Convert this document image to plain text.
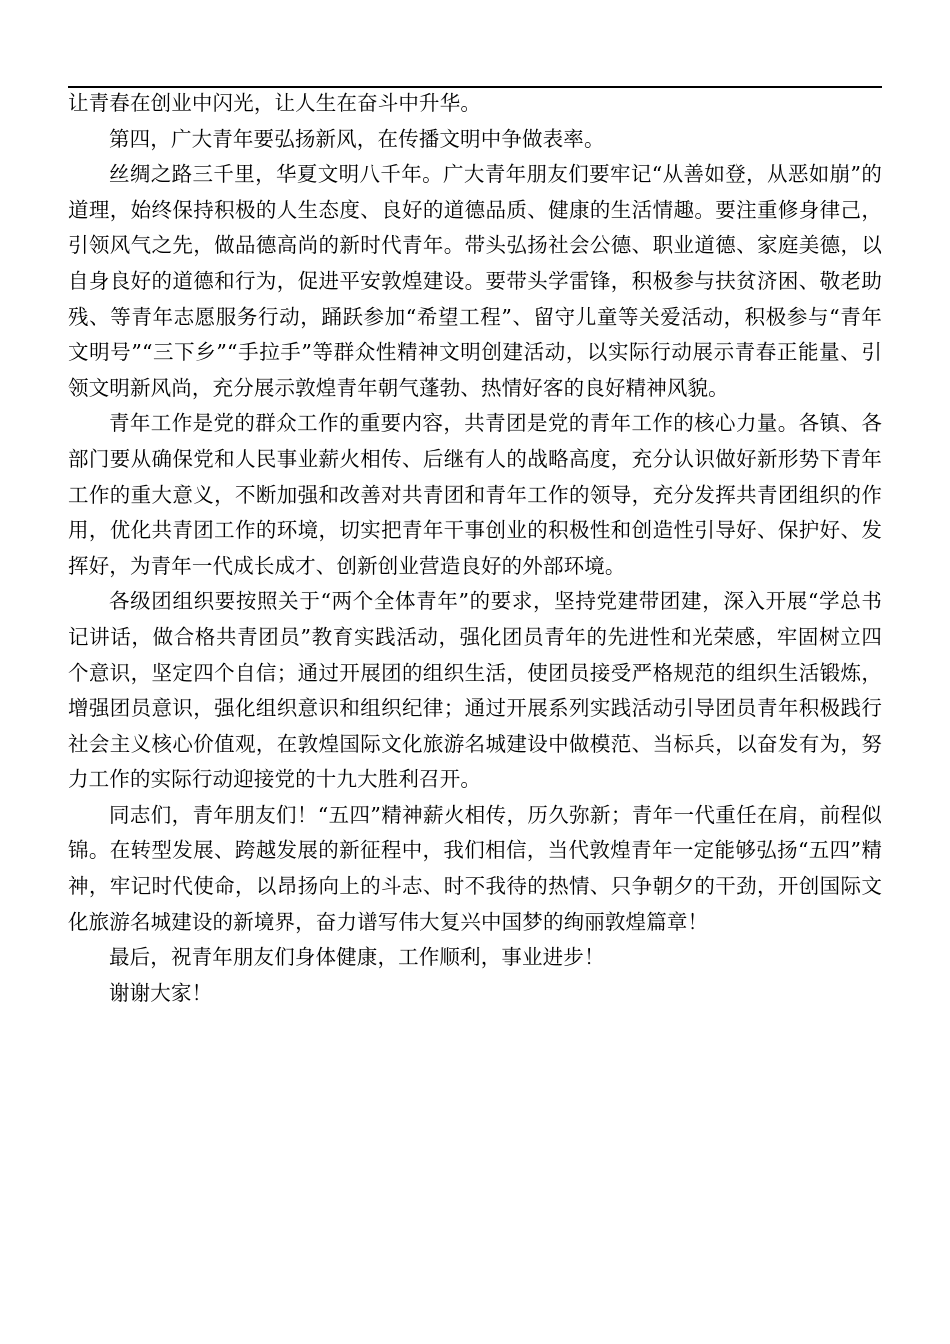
让青春在创业中闪光，让人生在奋斗中升华。

第四，广大青年要弘扬新风，在传播文明中争做表率。

丝绸之路三千里，华夏文明八千年。广大青年朋友们要牢记“从善如登，从恶如崩”的道理，始终保持积极的人生态度、良好的道德品质、健康的生活情趣。要注重修身律己，引领风气之先，做品德高尚的新时代青年。带头弘扬社会公德、职业道德、家庭美德，以自身良好的道德和行为，促进平安敦煌建设。要带头学雷锋，积极参与扶贫济困、敬老助残、等青年志愿服务行动，踊跃参加“希望工程”、留守儿童等关爱活动，积极参与“青年文明号”“三下乡”“手拉手”等群众性精神文明创建活动，以实际行动展示青春正能量、引领文明新风尚，充分展示敦煌青年朝气蓬勃、热情好客的良好精神风貌。

青年工作是党的群众工作的重要内容，共青团是党的青年工作的核心力量。各镇、各部门要从确保党和人民事业薪火相传、后继有人的战略高度，充分认识做好新形势下青年工作的重大意义，不断加强和改善对共青团和青年工作的领导，充分发挥共青团组织的作用，优化共青团工作的环境，切实把青年干事创业的积极性和创造性引导好、保护好、发挥好，为青年一代成长成才、创新创业营造良好的外部环境。

各级团组织要按照关于“两个全体青年”的要求，坚持党建带团建，深入开展“学总书记讲话，做合格共青团员”教育实践活动，强化团员青年的先进性和光荣感，牢固树立四个意识，坚定四个自信；通过开展团的组织生活，使团员接受严格规范的组织生活锻炼，增强团员意识，强化组织意识和组织纪律；通过开展系列实践活动引导团员青年积极践行社会主义核心价值观，在敦煌国际文化旅游名城建设中做模范、当标兵，以奋发有为，努力工作的实际行动迎接党的十九大胜利召开。

同志们，青年朋友们！“五四”精神薪火相传，历久弥新；青年一代重任在肩，前程似锦。在转型发展、跨越发展的新征程中，我们相信，当代敦煌青年一定能够弘扬“五四”精神，牢记时代使命，以昂扬向上的斗志、时不我待的热情、只争朝夕的干劲，开创国际文化旅游名城建设的新境界，奋力谱写伟大复兴中国梦的绚丽敦煌篇章！

最后，祝青年朋友们身体健康，工作顺利，事业进步！

谢谢大家！
